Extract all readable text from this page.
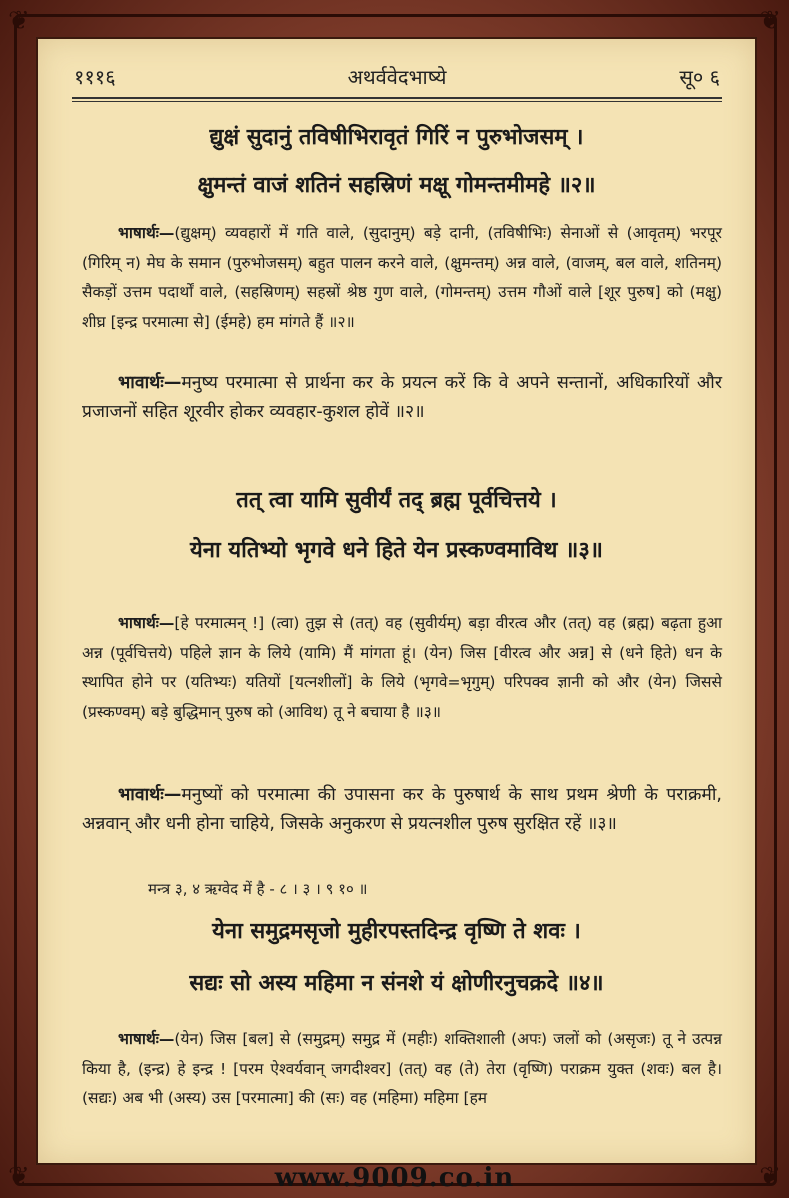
❦	❦
❦	❦
१११६	अथर्ववेदभाष्ये	सू० ६
द्युक्षं सुदानुं तविषीभिरावृतं गिरिं न पुरुभोजसम् ।
क्षुमन्तं वाजं शतिनं सहस्रिणं मक्षू गोमन्तमीमहे ॥२॥
भाषार्थः—(द्युक्षम्) व्यवहारों में गति वाले, (सुदानुम्) बड़े दानी, (तविषीभिः) सेनाओं से (आवृतम्) भरपूर (गिरिम् न) मेघ के समान (पुरुभोजसम्) बहुत पालन करने वाले, (क्षुमन्तम्) अन्न वाले, (वाजम्, बल वाले, शतिनम्) सैकड़ों उत्तम पदार्थों वाले, (सहस्रिणम्) सहस्रों श्रेष्ठ गुण वाले, (गोमन्तम्) उत्तम गौओं वाले [शूर पुरुष] को (मक्षु) शीघ्र [इन्द्र परमात्मा से] (ईमहे) हम मांगते हैं ॥२॥
भावार्थः—मनुष्य परमात्मा से प्रार्थना कर के प्रयत्न करें कि वे अपने सन्तानों, अधिकारियों और प्रजाजनों सहित शूरवीर होकर व्यवहार-कुशल होवें ॥२॥
तत् त्वा यामि सुवीर्यं तद् ब्रह्म पूर्वचित्तये ।
येना यतिभ्यो भृगवे धने हिते येन प्रस्कण्वमाविथ ॥३॥
भाषार्थः—[हे परमात्मन् !] (त्वा) तुझ से (तत्) वह (सुवीर्यम्) बड़ा वीरत्व और (तत्) वह (ब्रह्म) बढ़ता हुआ अन्न (पूर्वचित्तये) पहिले ज्ञान के लिये (यामि) मैं मांगता हूं। (येन) जिस [वीरत्व और अन्न] से (धने हिते) धन के स्थापित होने पर (यतिभ्यः) यतियों [यत्नशीलों] के लिये (भृगवे=भृगुम्) परिपक्व ज्ञानी को और (येन) जिससे (प्रस्कण्वम्) बड़े बुद्धिमान् पुरुष को (आविथ) तू ने बचाया है ॥३॥
भावार्थः—मनुष्यों को परमात्मा की उपासना कर के पुरुषार्थ के साथ प्रथम श्रेणी के पराक्रमी, अन्नवान् और धनी होना चाहिये, जिसके अनुकरण से प्रयत्नशील पुरुष सुरक्षित रहें ॥३॥
मन्त्र ३, ४ ऋग्वेद में है - ८ । ३ । ९ १० ॥
येना समुद्रमसृजो मुहीरपस्तदिन्द्र वृष्णि ते शवः ।
सद्यः सो अस्य महिमा न संनशे यं क्षोणीरनुचक्रदे ॥४॥
भाषार्थः—(येन) जिस [बल] से (समुद्रम्) समुद्र में (महीः) शक्तिशाली (अपः) जलों को (असृजः) तू ने उत्पन्न किया है, (इन्द्र) हे इन्द्र ! [परम ऐश्वर्यवान् जगदीश्वर] (तत्) वह (ते) तेरा (वृष्णि) पराक्रम युक्त (शवः) बल है। (सद्यः) अब भी (अस्य) उस [परमात्मा] की (सः) वह (महिमा) महिमा [हम
www.9009.co.in
